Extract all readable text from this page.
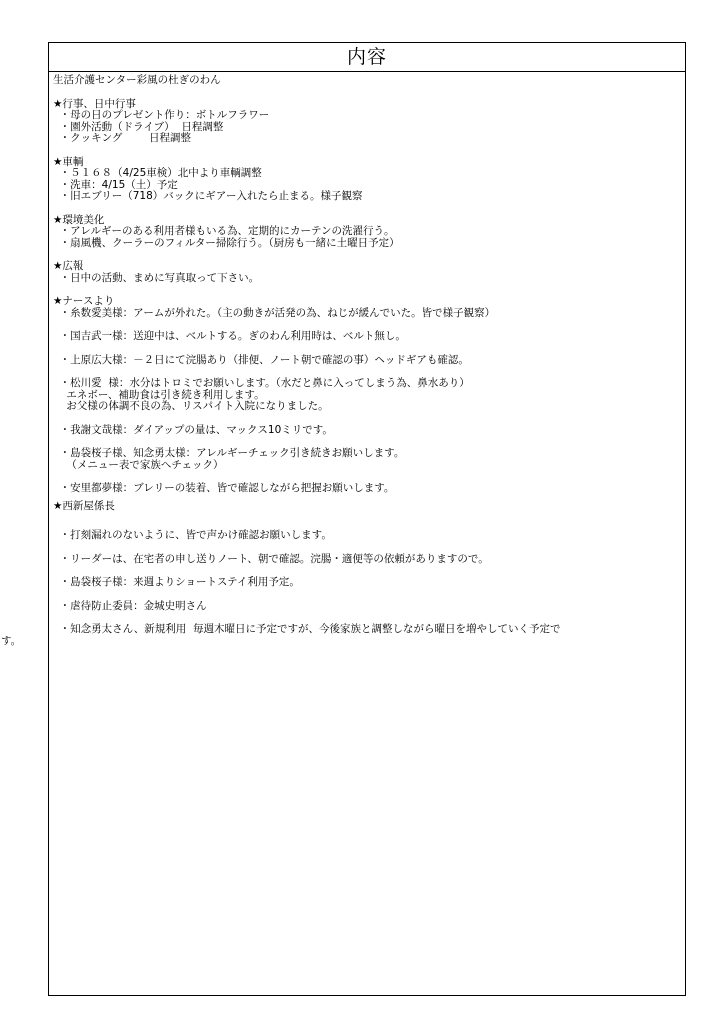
内容
生活介護センター彩風の杜ぎのわん
★行事、日中行事
・母の日のプレゼント作り：ボトルフラワー
・園外活動（ドライブ）  日程調整
・クッキング        日程調整
★車輌
・５１６８（4/25車検）北中より車輌調整
・洗車：4/15（土）予定
・旧エブリー（718）バックにギアー入れたら止まる。様子観察
★環境美化
・アレルギーのある利用者様もいる為、定期的にカーテンの洗濯行う。
・扇風機、クーラーのフィルター掃除行う。（厨房も一緒に土曜日予定）
★広報
・日中の活動、まめに写真取って下さい。
★ナースより
・糸数愛美様：アームが外れた。（主の動きが活発の為、ねじが緩んでいた。皆で様子観察）
・国吉武一様：送迎中は、ベルトする。ぎのわん利用時は、ベルト無し。
・上原広大様：－２日にて浣腸あり（排便、ノート朝で確認の事）ヘッドギアも確認。
・松川愛  様：水分はトロミでお願いします。（水だと鼻に入ってしまう為、鼻水あり）
エネボー、補助食は引き続き利用します。
お父様の体調不良の為、リスパイト入院になりました。
・我謝文哉様：ダイアップの量は、マックス10ミリです。
・島袋桜子様、知念勇太様：アレルギーチェック引き続きお願いします。
（メニュー表で家族へチェック）
・安里都夢様：ブレリーの装着、皆で確認しながら把握お願いします。
★西新屋係長
・打刻漏れのないように、皆で声かけ確認お願いします。
・リーダーは、在宅者の申し送りノート、朝で確認。浣腸・適便等の依頼がありますので。
・島袋桜子様：来週よりショートステイ利用予定。
・虐待防止委員：金城史明さん
・知念勇太さん、新規利用  毎週木曜日に予定ですが、今後家族と調整しながら曜日を増やしていく予定で
す。
